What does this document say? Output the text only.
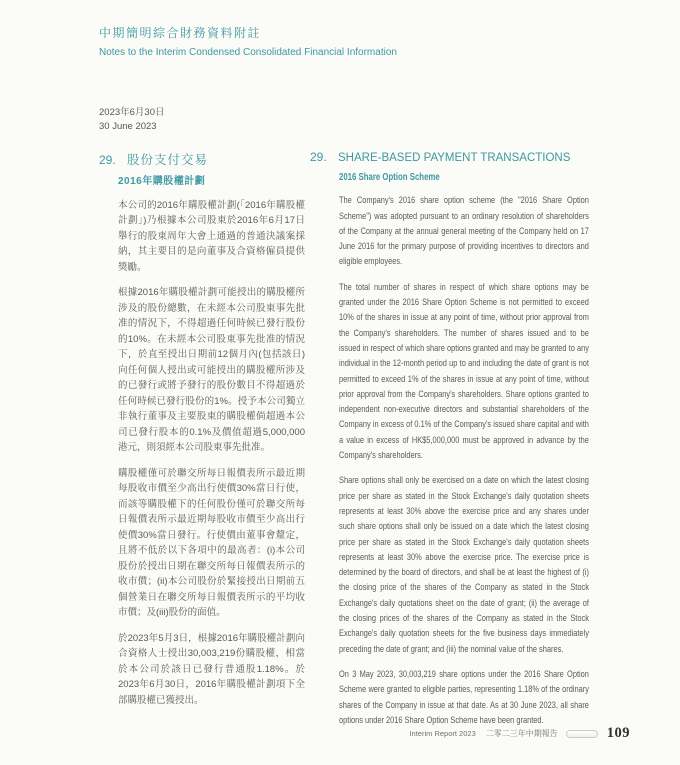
中期簡明綜合財務資料附註
Notes to the Interim Condensed Consolidated Financial Information
2023年6月30日
30 June 2023
29. 股份支付交易
2016年購股權計劃

本公司的2016年購股權計劃(「2016年購股權計劃」)乃根據本公司股東於2016年6月17日舉行的股東周年大會上通過的普通決議案採納，其主要目的是向董事及合資格僱員提供獎勵。

根據2016年購股權計劃可能授出的購股權所涉及的股份總數，在未經本公司股東事先批准的情況下，不得超過任何時候已發行股份的10%。在未經本公司股東事先批准的情況下，於直至授出日期前12個月內(包括該日)向任何個人授出或可能授出的購股權所涉及的已發行或將予發行的股份數目不得超過於任何時候已發行股份的1%。授予本公司獨立非執行董事及主要股東的購股權倘超過本公司已發行股本的0.1%及價值超過5,000,000港元，則須經本公司股東事先批准。

購股權僅可於聯交所每日報價表所示最近期每股收市價至少高出行使價30%當日行使，而該等購股權下的任何股份僅可於聯交所每日報價表所示最近期每股收市價至少高出行使價30%當日發行。行使價由董事會釐定，且將不低於以下各項中的最高者：(i)本公司股份於授出日期在聯交所每日報價表所示的收市價；(ii)本公司股份於緊接授出日期前五個營業日在聯交所每日報價表所示的平均收市價；及(iii)股份的面值。

於2023年5月3日，根據2016年購股權計劃向合資格人士授出30,003,219份購股權，相當於本公司於該日已發行普通股1.18%。於2023年6月30日，2016年購股權計劃項下全部購股權已獲授出。

29. SHARE-BASED PAYMENT TRANSACTIONS
2016 Share Option Scheme

The Company's 2016 share option scheme (the "2016 Share Option Scheme") was adopted pursuant to an ordinary resolution of shareholders of the Company at the annual general meeting of the Company held on 17 June 2016 for the primary purpose of providing incentives to directors and eligible employees.

The total number of shares in respect of which share options may be granted under the 2016 Share Option Scheme is not permitted to exceed 10% of the shares in issue at any point of time, without prior approval from the Company's shareholders. The number of shares issued and to be issued in respect of which share options granted and may be granted to any individual in the 12-month period up to and including the date of grant is not permitted to exceed 1% of the shares in issue at any point of time, without prior approval from the Company's shareholders. Share options granted to independent non-executive directors and substantial shareholders of the Company in excess of 0.1% of the Company's issued share capital and with a value in excess of HK$5,000,000 must be approved in advance by the Company's shareholders.

Share options shall only be exercised on a date on which the latest closing price per share as stated in the Stock Exchange's daily quotation sheets represents at least 30% above the exercise price and any shares under such share options shall only be issued on a date which the latest closing price per share as stated in the Stock Exchange's daily quotation sheets represents at least 30% above the exercise price. The exercise price is determined by the board of directors, and shall be at least the highest of (i) the closing price of the shares of the Company as stated in the Stock Exchange's daily quotations sheet on the date of grant; (ii) the average of the closing prices of the shares of the Company as stated in the Stock Exchange's daily quotation sheets for the five business days immediately preceding the date of grant; and (iii) the nominal value of the shares.

On 3 May 2023, 30,003,219 share options under the 2016 Share Option Scheme were granted to eligible parties, representing 1.18% of the ordinary shares of the Company in issue at that date. As at 30 June 2023, all share options under 2016 Share Option Scheme have been granted.

Interim Report 2023 二零二三年中期報告	109
